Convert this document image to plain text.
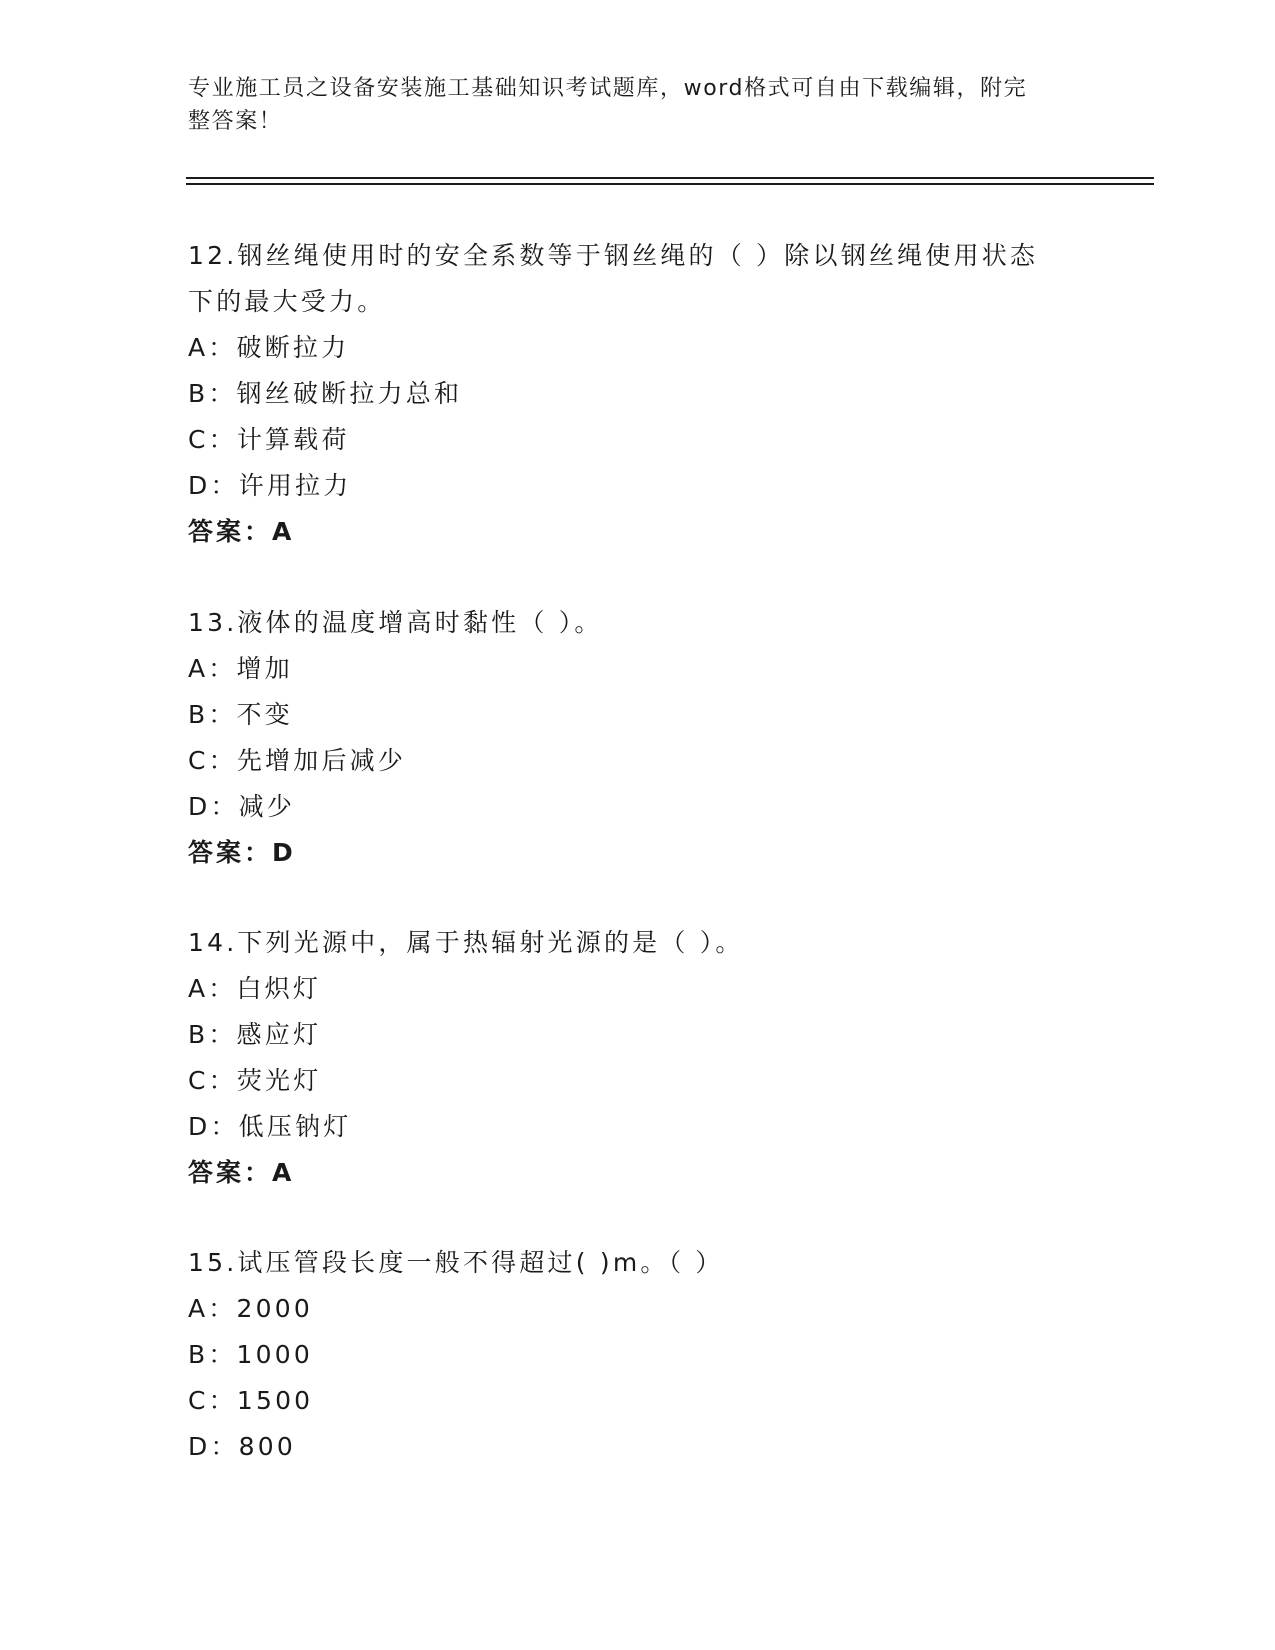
专业施工员之设备安装施工基础知识考试题库，word格式可自由下载编辑，附完
整答案！

12.钢丝绳使用时的安全系数等于钢丝绳的（ ）除以钢丝绳使用状态

下的最大受力。

A：破断拉力

B：钢丝破断拉力总和

C：计算载荷

D：许用拉力

答案：A

13.液体的温度增高时黏性（ ）。

A：增加

B：不变

C：先增加后减少

D：减少

答案：D

14.下列光源中，属于热辐射光源的是（ ）。

A：白炽灯

B：感应灯

C：荧光灯

D：低压钠灯

答案：A

15.试压管段长度一般不得超过( )m。（ ）

A：2000

B：1000

C：1500

D：800
